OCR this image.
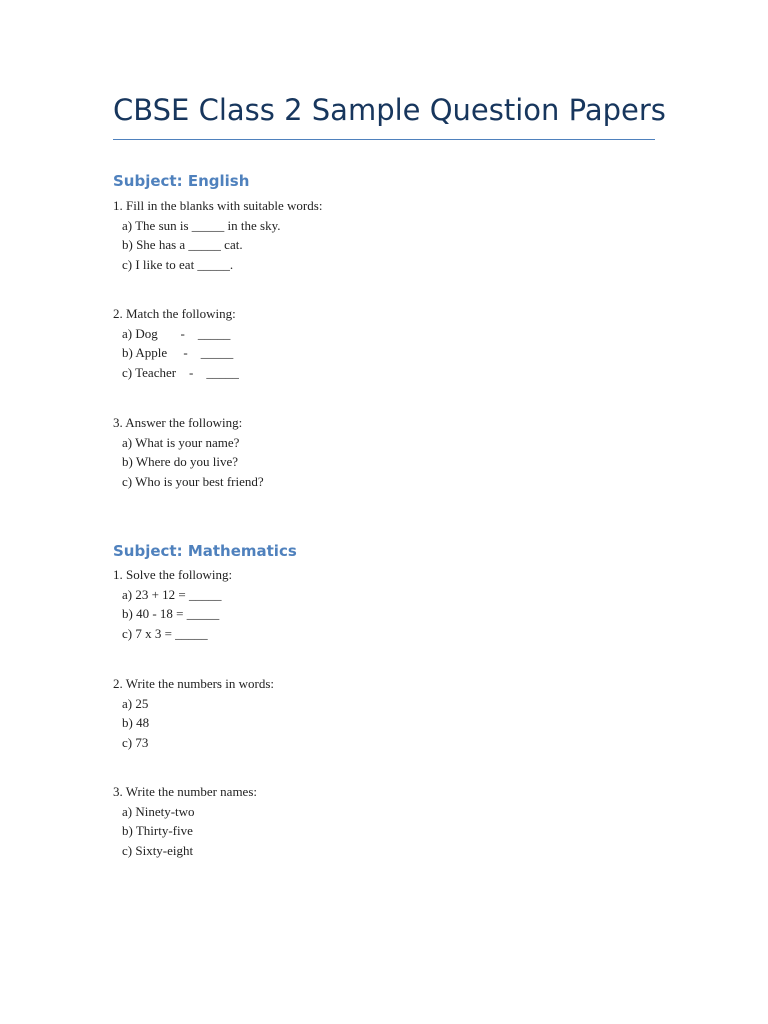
CBSE Class 2 Sample Question Papers
Subject: English
1. Fill in the blanks with suitable words:
a) The sun is _____ in the sky.
b) She has a _____ cat.
c) I like to eat _____.
2. Match the following:
a) Dog       -    _____
b) Apple     -    _____
c) Teacher    -    _____
3. Answer the following:
a) What is your name?
b) Where do you live?
c) Who is your best friend?
Subject: Mathematics
1. Solve the following:
a) 23 + 12 = _____
b) 40 - 18 = _____
c) 7 x 3 = _____
2. Write the numbers in words:
a) 25
b) 48
c) 73
3. Write the number names:
a) Ninety-two
b) Thirty-five
c) Sixty-eight
